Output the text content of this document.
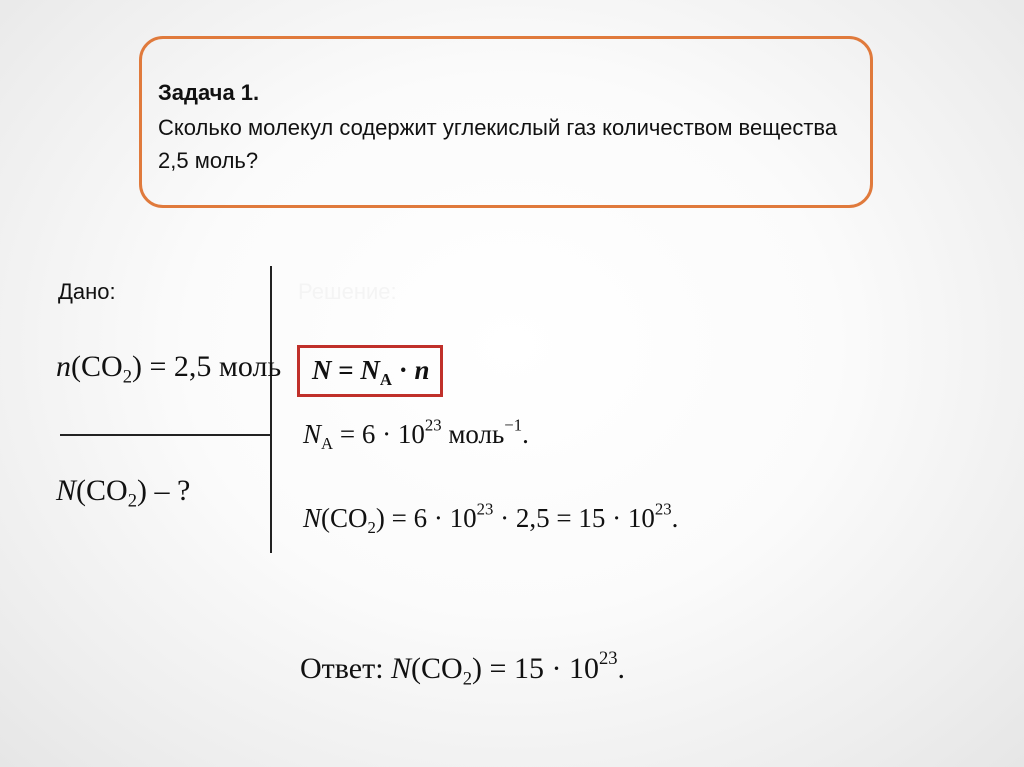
Задача 1.
Сколько молекул содержит углекислый газ количеством вещества 2,5 моль?
Дано:	Решение:
$n(CO_2) = 2,5$ моль
$N(CO_2)$ – ?
$N = N_A \cdot n$
$N_A = 6 \cdot 10^{23}$ моль$^{-1}$.
$N(CO_2) = 6 \cdot 10^{23} \cdot 2,5 = 15 \cdot 10^{23}$.
Ответ: $N(CO_2) = 15 \cdot 10^{23}$.
